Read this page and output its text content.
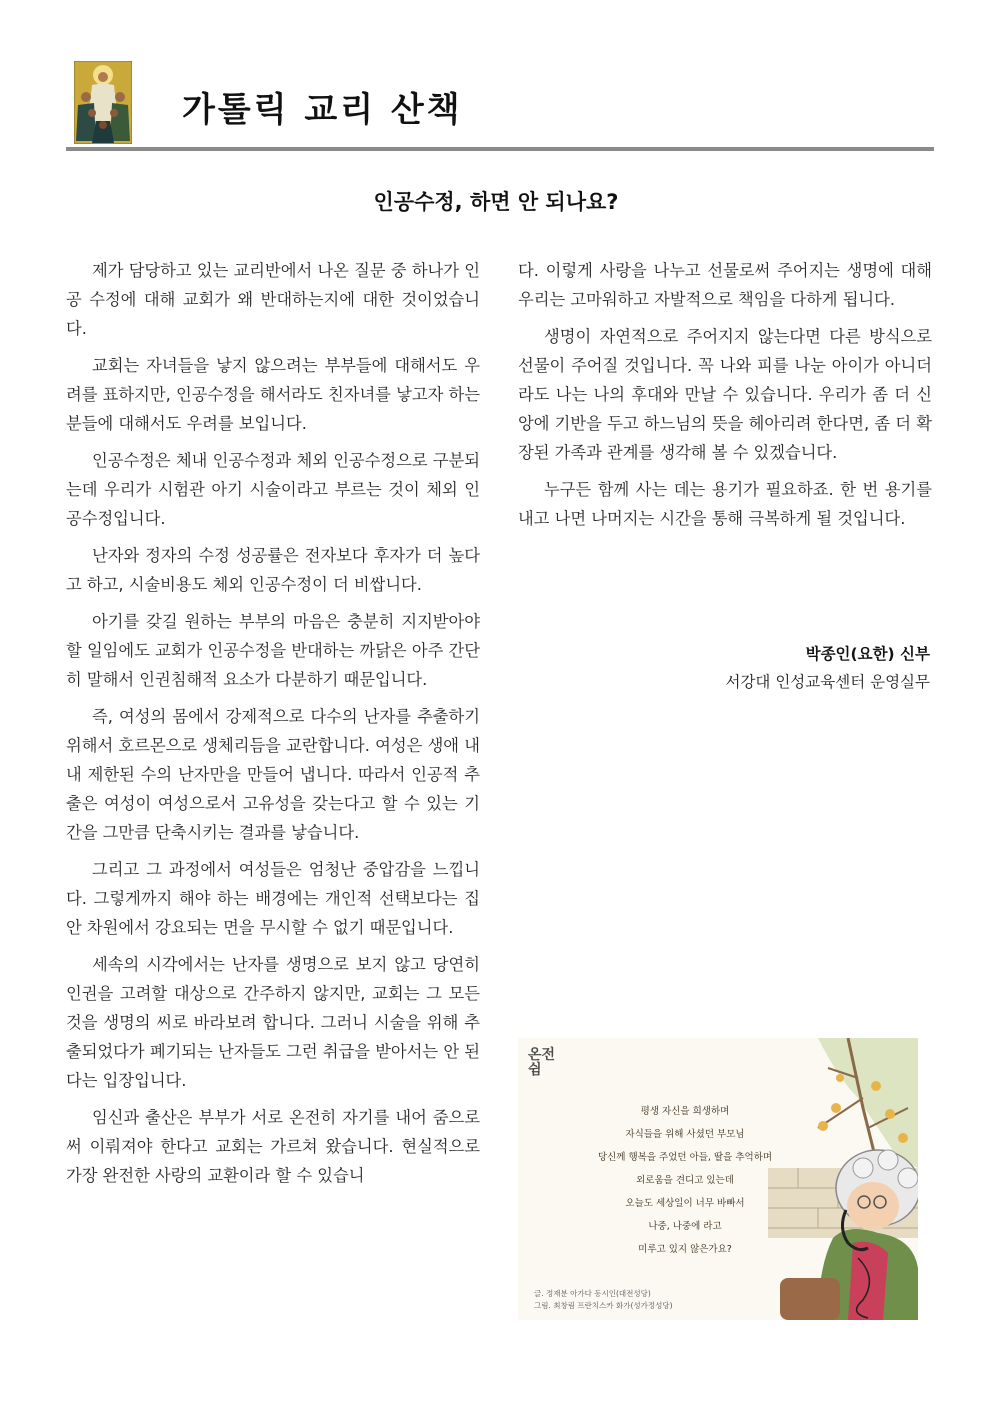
가톨릭 교리 산책
인공수정, 하면 안 되나요?

제가 담당하고 있는 교리반에서 나온 질문 중 하나가 인공 수정에 대해 교회가 왜 반대하는지에 대한 것이었습니다.

교회는 자녀들을 낳지 않으려는 부부들에 대해서도 우려를 표하지만, 인공수정을 해서라도 친자녀를 낳고자 하는 분들에 대해서도 우려를 보입니다.

인공수정은 체내 인공수정과 체외 인공수정으로 구분되는데 우리가 시험관 아기 시술이라고 부르는 것이 체외 인공수정입니다.

난자와 정자의 수정 성공률은 전자보다 후자가 더 높다고 하고, 시술비용도 체외 인공수정이 더 비쌉니다.

아기를 갖길 원하는 부부의 마음은 충분히 지지받아야 할 일임에도 교회가 인공수정을 반대하는 까닭은 아주 간단히 말해서 인권침해적 요소가 다분하기 때문입니다.

즉, 여성의 몸에서 강제적으로 다수의 난자를 추출하기 위해서 호르몬으로 생체리듬을 교란합니다. 여성은 생애 내내 제한된 수의 난자만을 만들어 냅니다. 따라서 인공적 추출은 여성이 여성으로서 고유성을 갖는다고 할 수 있는 기간을 그만큼 단축시키는 결과를 낳습니다.

그리고 그 과정에서 여성들은 엄청난 중압감을 느낍니다. 그렇게까지 해야 하는 배경에는 개인적 선택보다는 집안 차원에서 강요되는 면을 무시할 수 없기 때문입니다.

세속의 시각에서는 난자를 생명으로 보지 않고 당연히 인권을 고려할 대상으로 간주하지 않지만, 교회는 그 모든 것을 생명의 씨로 바라보려 합니다. 그러니 시술을 위해 추출되었다가 폐기되는 난자들도 그런 취급을 받아서는 안 된다는 입장입니다.

임신과 출산은 부부가 서로 온전히 자기를 내어 줌으로써 이뤄져야 한다고 교회는 가르쳐 왔습니다. 현실적으로 가장 완전한 사랑의 교환이라 할 수 있습니

다. 이렇게 사랑을 나누고 선물로써 주어지는 생명에 대해 우리는 고마워하고 자발적으로 책임을 다하게 됩니다.

생명이 자연적으로 주어지지 않는다면 다른 방식으로 선물이 주어질 것입니다. 꼭 나와 피를 나눈 아이가 아니더라도 나는 나의 후대와 만날 수 있습니다. 우리가 좀 더 신앙에 기반을 두고 하느님의 뜻을 헤아리려 한다면, 좀 더 확장된 가족과 관계를 생각해 볼 수 있겠습니다.

누구든 함께 사는 데는 용기가 필요하죠. 한 번 용기를 내고 나면 나머지는 시간을 통해 극복하게 될 것입니다.

박종인(요한) 신부
서강대 인성교육센터 운영실무
온전
쉼
평생 자신을 희생하며
자식들을 위해 사셨던 부모님
당신께 행복을 주었던 아들, 딸을 추억하며
외로움을 견디고 있는데
오늘도 세상일이 너무 바빠서
나중, 나중에 라고
미루고 있지 않은가요?
글. 정재분 아가다 동시인(대전성당)
그림. 최창림 프란치스카 화가(성가정성당)
